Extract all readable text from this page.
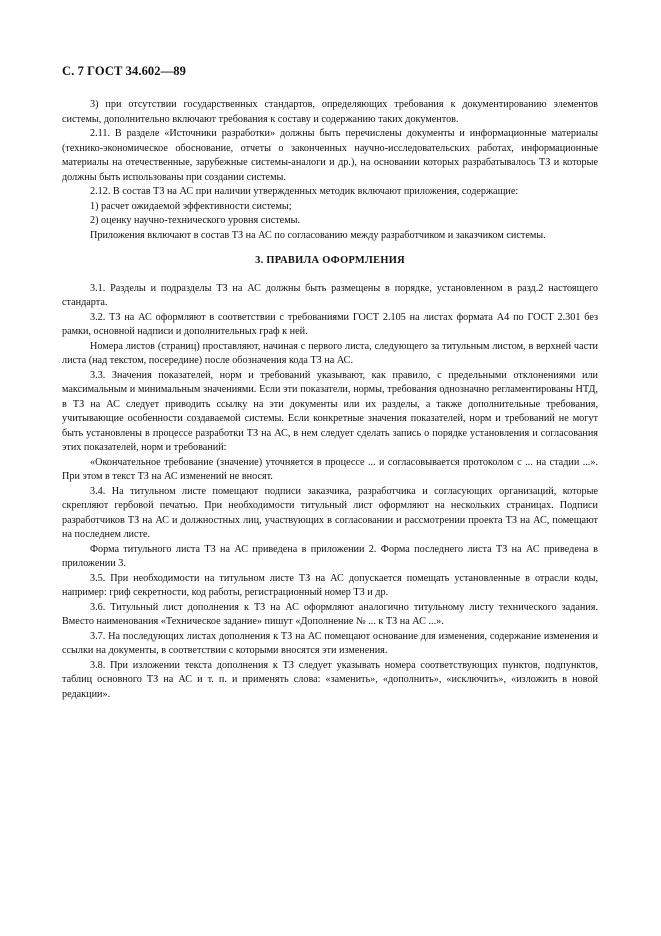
С. 7 ГОСТ 34.602—89

3) при отсутствии государственных стандартов, определяющих требования к документированию элементов системы, дополнительно включают требования к составу и содержанию таких документов.

2.11. В разделе «Источники разработки» должны быть перечислены документы и информационные материалы (технико-экономическое обоснование, отчеты о законченных научно-исследовательских работах, информационные материалы на отечественные, зарубежные системы-аналоги и др.), на основании которых разрабатывалось ТЗ и которые должны быть использованы при создании системы.

2.12. В состав ТЗ на АС при наличии утвержденных методик включают приложения, содержащие:

1) расчет ожидаемой эффективности системы;

2) оценку научно-технического уровня системы.

Приложения включают в состав ТЗ на АС по согласованию между разработчиком и заказчиком системы.

3. ПРАВИЛА ОФОРМЛЕНИЯ

3.1. Разделы и подразделы ТЗ на АС должны быть размещены в порядке, установленном в разд.2 настоящего стандарта.

3.2. ТЗ на АС оформляют в соответствии с требованиями ГОСТ 2.105 на листах формата А4 по ГОСТ 2.301 без рамки, основной надписи и дополнительных граф к ней.

Номера листов (страниц) проставляют, начиная с первого листа, следующего за титульным листом, в верхней части листа (над текстом, посередине) после обозначения кода ТЗ на АС.

3.3. Значения показателей, норм и требований указывают, как правило, с предельными отклонениями или максимальным и минимальным значениями. Если эти показатели, нормы, требования однозначно регламентированы НТД, в ТЗ на АС следует приводить ссылку на эти документы или их разделы, а также дополнительные требования, учитывающие особенности создаваемой системы. Если конкретные значения показателей, норм и требований не могут быть установлены в процессе разработки ТЗ на АС, в нем следует сделать запись о порядке установления и согласования этих показателей, норм и требований:

«Окончательное требование (значение) уточняется в процессе ... и согласовывается протоколом с ... на стадии ...». При этом в текст ТЗ на АС изменений не вносят.

3.4. На титульном листе помещают подписи заказчика, разработчика и согласующих организаций, которые скрепляют гербовой печатью. При необходимости титульный лист оформляют на нескольких страницах. Подписи разработчиков ТЗ на АС и должностных лиц, участвующих в согласовании и рассмотрении проекта ТЗ на АС, помещают на последнем листе.

Форма титульного листа ТЗ на АС приведена в приложении 2. Форма последнего листа ТЗ на АС приведена в приложении 3.

3.5. При необходимости на титульном листе ТЗ на АС допускается помещать установленные в отрасли коды, например: гриф секретности, код работы, регистрационный номер ТЗ и др.

3.6. Титульный лист дополнения к ТЗ на АС оформляют аналогично титульному листу технического задания. Вместо наименования «Техническое задание» пишут «Дополнение № ... к ТЗ на АС ...».

3.7. На последующих листах дополнения к ТЗ на АС помещают основание для изменения, содержание изменения и ссылки на документы, в соответствии с которыми вносятся эти изменения.

3.8. При изложении текста дополнения к ТЗ следует указывать номера соответствующих пунктов, подпунктов, таблиц основного ТЗ на АС и т. п. и применять слова: «заменить», «дополнить», «исключить», «изложить в новой редакции».
